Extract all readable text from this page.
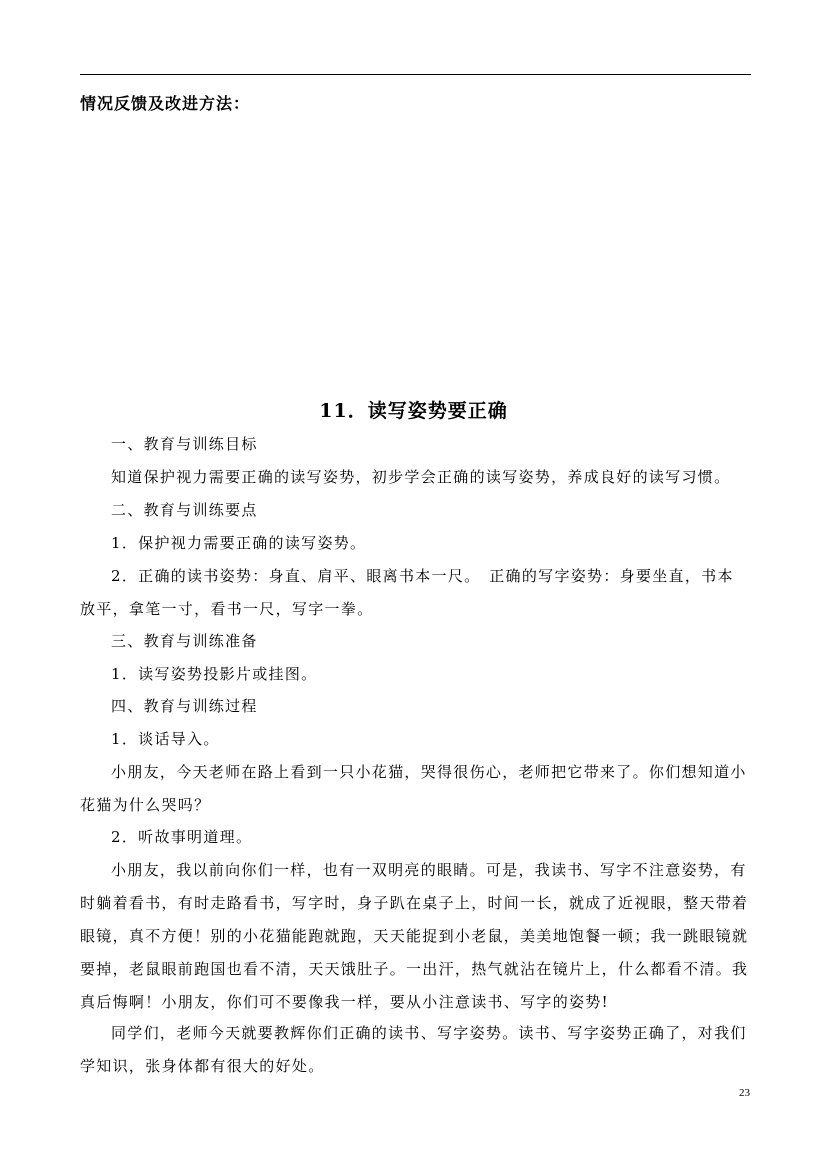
情况反馈及改进方法：
11．读写姿势要正确
一、教育与训练目标
知道保护视力需要正确的读写姿势，初步学会正确的读写姿势，养成良好的读写习惯。
二、教育与训练要点
1．保护视力需要正确的读写姿势。
2．正确的读书姿势：身直、肩平、眼离书本一尺。　正确的写字姿势：身要坐直，书本放平，拿笔一寸，看书一尺，写字一拳。
三、教育与训练准备
1．读写姿势投影片或挂图。
四、教育与训练过程
1．谈话导入。
小朋友，今天老师在路上看到一只小花猫，哭得很伤心，老师把它带来了。你们想知道小花猫为什么哭吗？
2．听故事明道理。
小朋友，我以前向你们一样，也有一双明亮的眼睛。可是，我读书、写字不注意姿势，有时躺着看书，有时走路看书，写字时，身子趴在桌子上，时间一长，就成了近视眼，整天带着眼镜，真不方便！别的小花猫能跑就跑，天天能捉到小老鼠，美美地饱餐一顿；我一跳眼镜就要掉，老鼠眼前跑国也看不清，天天饿肚子。一出汗，热气就沾在镜片上，什么都看不清。我真后悔啊！小朋友，你们可不要像我一样，要从小注意读书、写字的姿势!
同学们，老师今天就要教辉你们正确的读书、写字姿势。读书、写字姿势正确了，对我们学知识，张身体都有很大的好处。
23
